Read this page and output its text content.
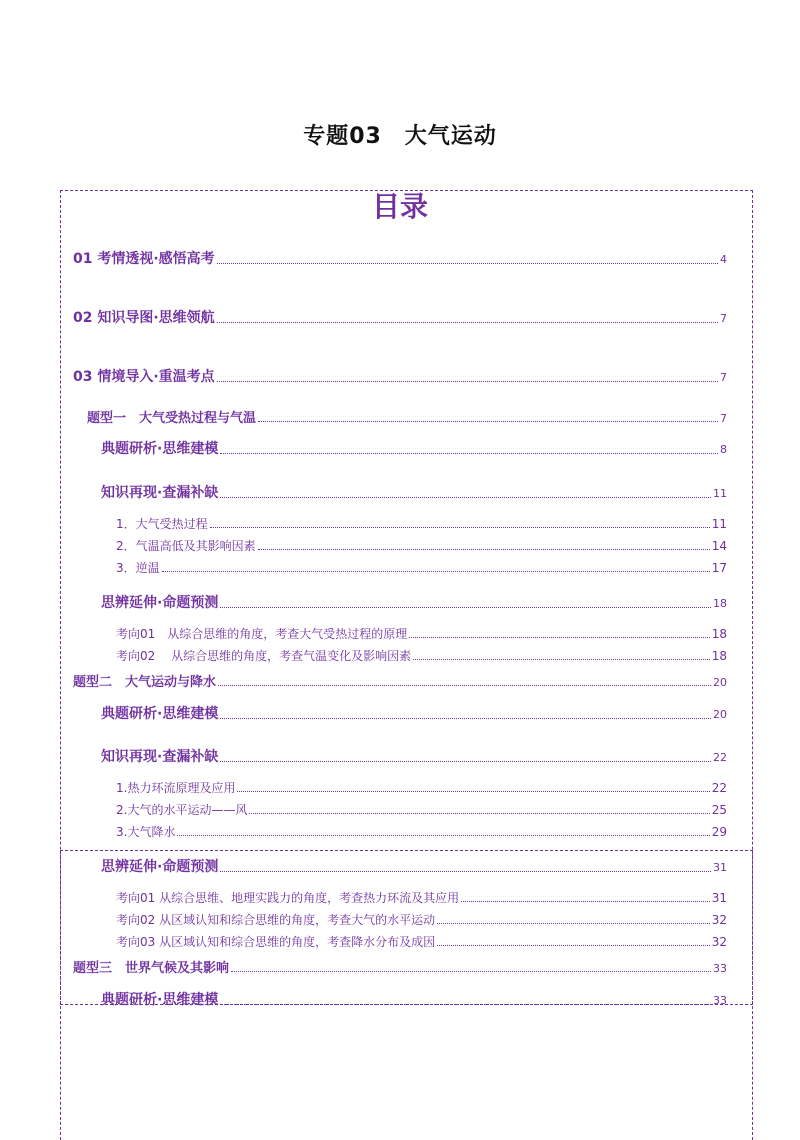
专题03　大气运动
目录
01 考情透视·感悟高考	4
02 知识导图·思维领航	7
03 情境导入·重温考点	7
题型一　大气受热过程与气温	7
典题研析·思维建模	8
知识再现·查漏补缺	11
1．大气受热过程	11
2．气温高低及其影响因素	14
3．逆温	17
思辨延伸·命题预测	18
考向01　从综合思维的角度，考查大气受热过程的原理	18
考向02　 从综合思维的角度，考查气温变化及影响因素	18
题型二　大气运动与降水	20
典题研析·思维建模	20
知识再现·查漏补缺	22
1.热力环流原理及应用	22
2.大气的水平运动——风	25
3.大气降水	29
思辨延伸·命题预测	31
考向01 从综合思维、地理实践力的角度，考查热力环流及其应用	31
考向02 从区域认知和综合思维的角度，考查大气的水平运动	32
考向03 从区域认知和综合思维的角度，考查降水分布及成因	32
题型三　世界气候及其影响	33
典题研析·思维建模	33
